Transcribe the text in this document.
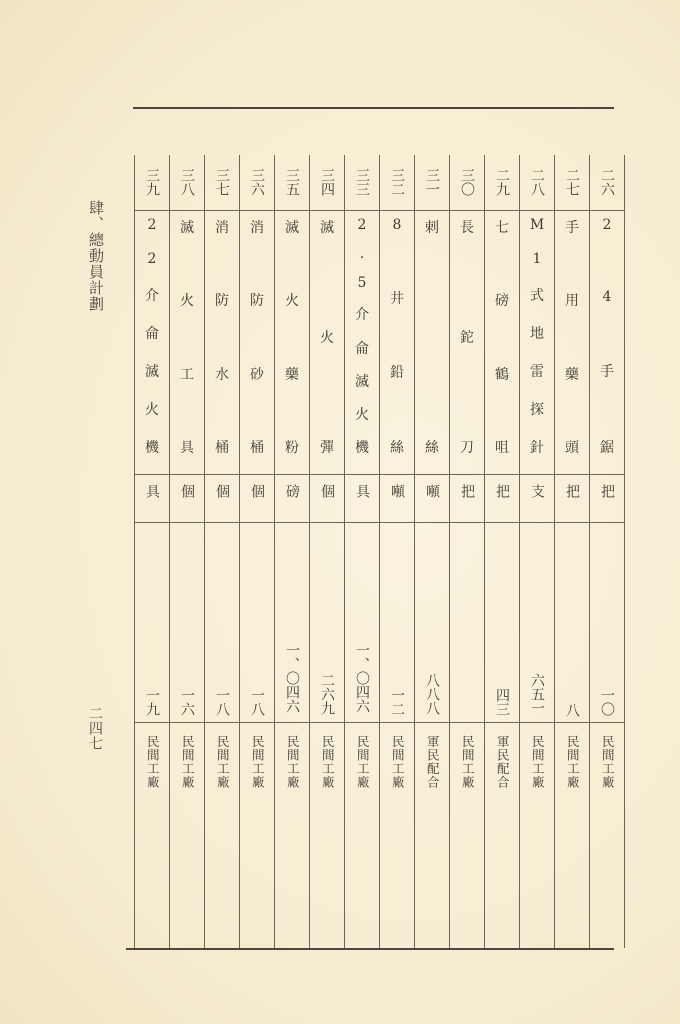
肆、總動員計劃
二四七
二六
2
4
手
鋸
把
一〇
民間工廠
二七
手
用
藥
頭
把
八
民間工廠
二八
M
1
式
地
雷
探
針
支
六五一
民間工廠
二九
七
磅
鶴
咀
把
四三
軍民配合
三〇
長
鉈
刀
把
民間工廠
三一
剌
絲
噸
八八八
軍民配合
三二
8
井
鉛
絲
噸
一二
民間工廠
三三
2
.
5
介
侖
滅
火
機
具
一、〇四六
民間工廠
三四
滅
火
彈
個
二六九
民間工廠
三五
滅
火
藥
粉
磅
一、〇四六
民間工廠
三六
消
防
砂
桶
個
一八
民間工廠
三七
消
防
水
桶
個
一八
民間工廠
三八
滅
火
工
具
個
一六
民間工廠
三九
2
2
介
侖
滅
火
機
具
一九
民間工廠
